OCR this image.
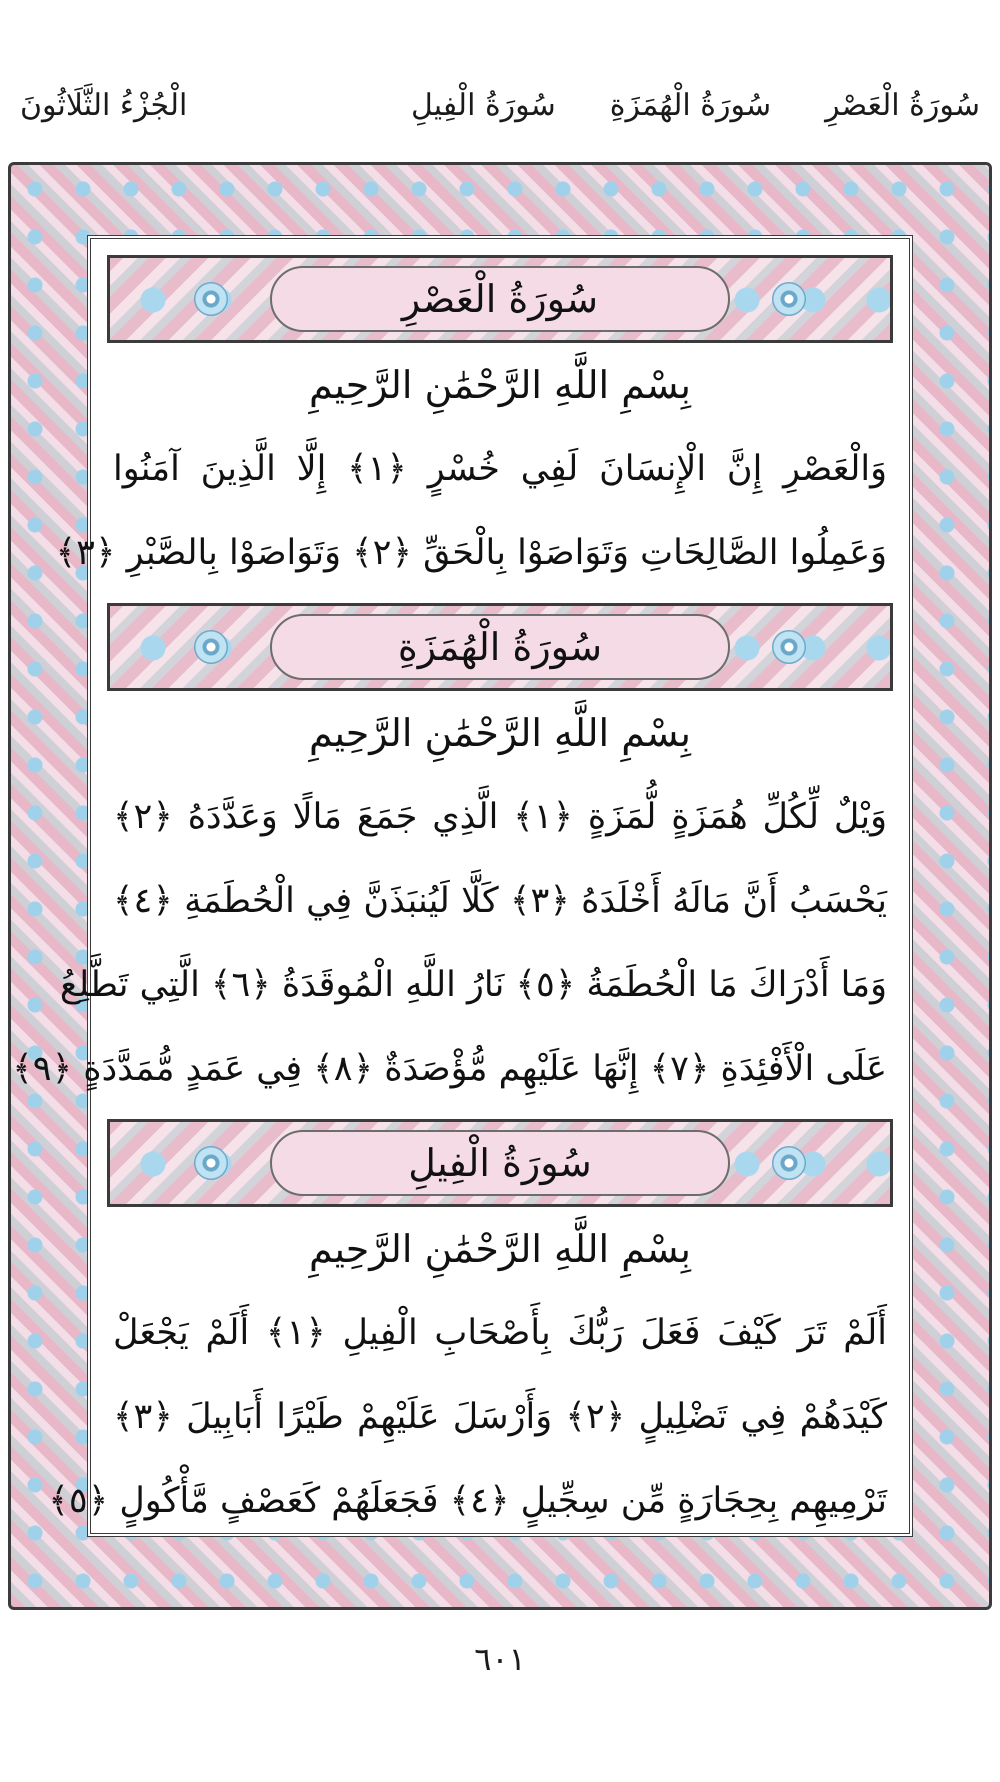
سُورَةُ الْعَصْرِ
سُورَةُ الْهُمَزَةِ
سُورَةُ الْفِيلِ
الْجُزْءُ الثَّلَاثُونَ
سُورَةُ الْعَصْرِ
بِسْمِ اللَّهِ الرَّحْمَٰنِ الرَّحِيمِ
وَالْعَصْرِ إِنَّ الْإِنسَانَ لَفِي خُسْرٍ ﴿١﴾ إِلَّا الَّذِينَ آمَنُوا
وَعَمِلُوا الصَّالِحَاتِ وَتَوَاصَوْا بِالْحَقِّ ﴿٢﴾ وَتَوَاصَوْا بِالصَّبْرِ ﴿٣﴾
سُورَةُ الْهُمَزَةِ
بِسْمِ اللَّهِ الرَّحْمَٰنِ الرَّحِيمِ
وَيْلٌ لِّكُلِّ هُمَزَةٍ لُّمَزَةٍ ﴿١﴾ الَّذِي جَمَعَ مَالًا وَعَدَّدَهُ ﴿٢﴾
يَحْسَبُ أَنَّ مَالَهُ أَخْلَدَهُ ﴿٣﴾ كَلَّا لَيُنبَذَنَّ فِي الْحُطَمَةِ ﴿٤﴾
وَمَا أَدْرَاكَ مَا الْحُطَمَةُ ﴿٥﴾ نَارُ اللَّهِ الْمُوقَدَةُ ﴿٦﴾ الَّتِي تَطَّلِعُ
عَلَى الْأَفْئِدَةِ ﴿٧﴾ إِنَّهَا عَلَيْهِم مُّؤْصَدَةٌ ﴿٨﴾ فِي عَمَدٍ مُّمَدَّدَةٍ ﴿٩﴾
سُورَةُ الْفِيلِ
بِسْمِ اللَّهِ الرَّحْمَٰنِ الرَّحِيمِ
أَلَمْ تَرَ كَيْفَ فَعَلَ رَبُّكَ بِأَصْحَابِ الْفِيلِ ﴿١﴾ أَلَمْ يَجْعَلْ
كَيْدَهُمْ فِي تَضْلِيلٍ ﴿٢﴾ وَأَرْسَلَ عَلَيْهِمْ طَيْرًا أَبَابِيلَ ﴿٣﴾
تَرْمِيهِم بِحِجَارَةٍ مِّن سِجِّيلٍ ﴿٤﴾ فَجَعَلَهُمْ كَعَصْفٍ مَّأْكُولٍ ﴿٥﴾
٦٠١
